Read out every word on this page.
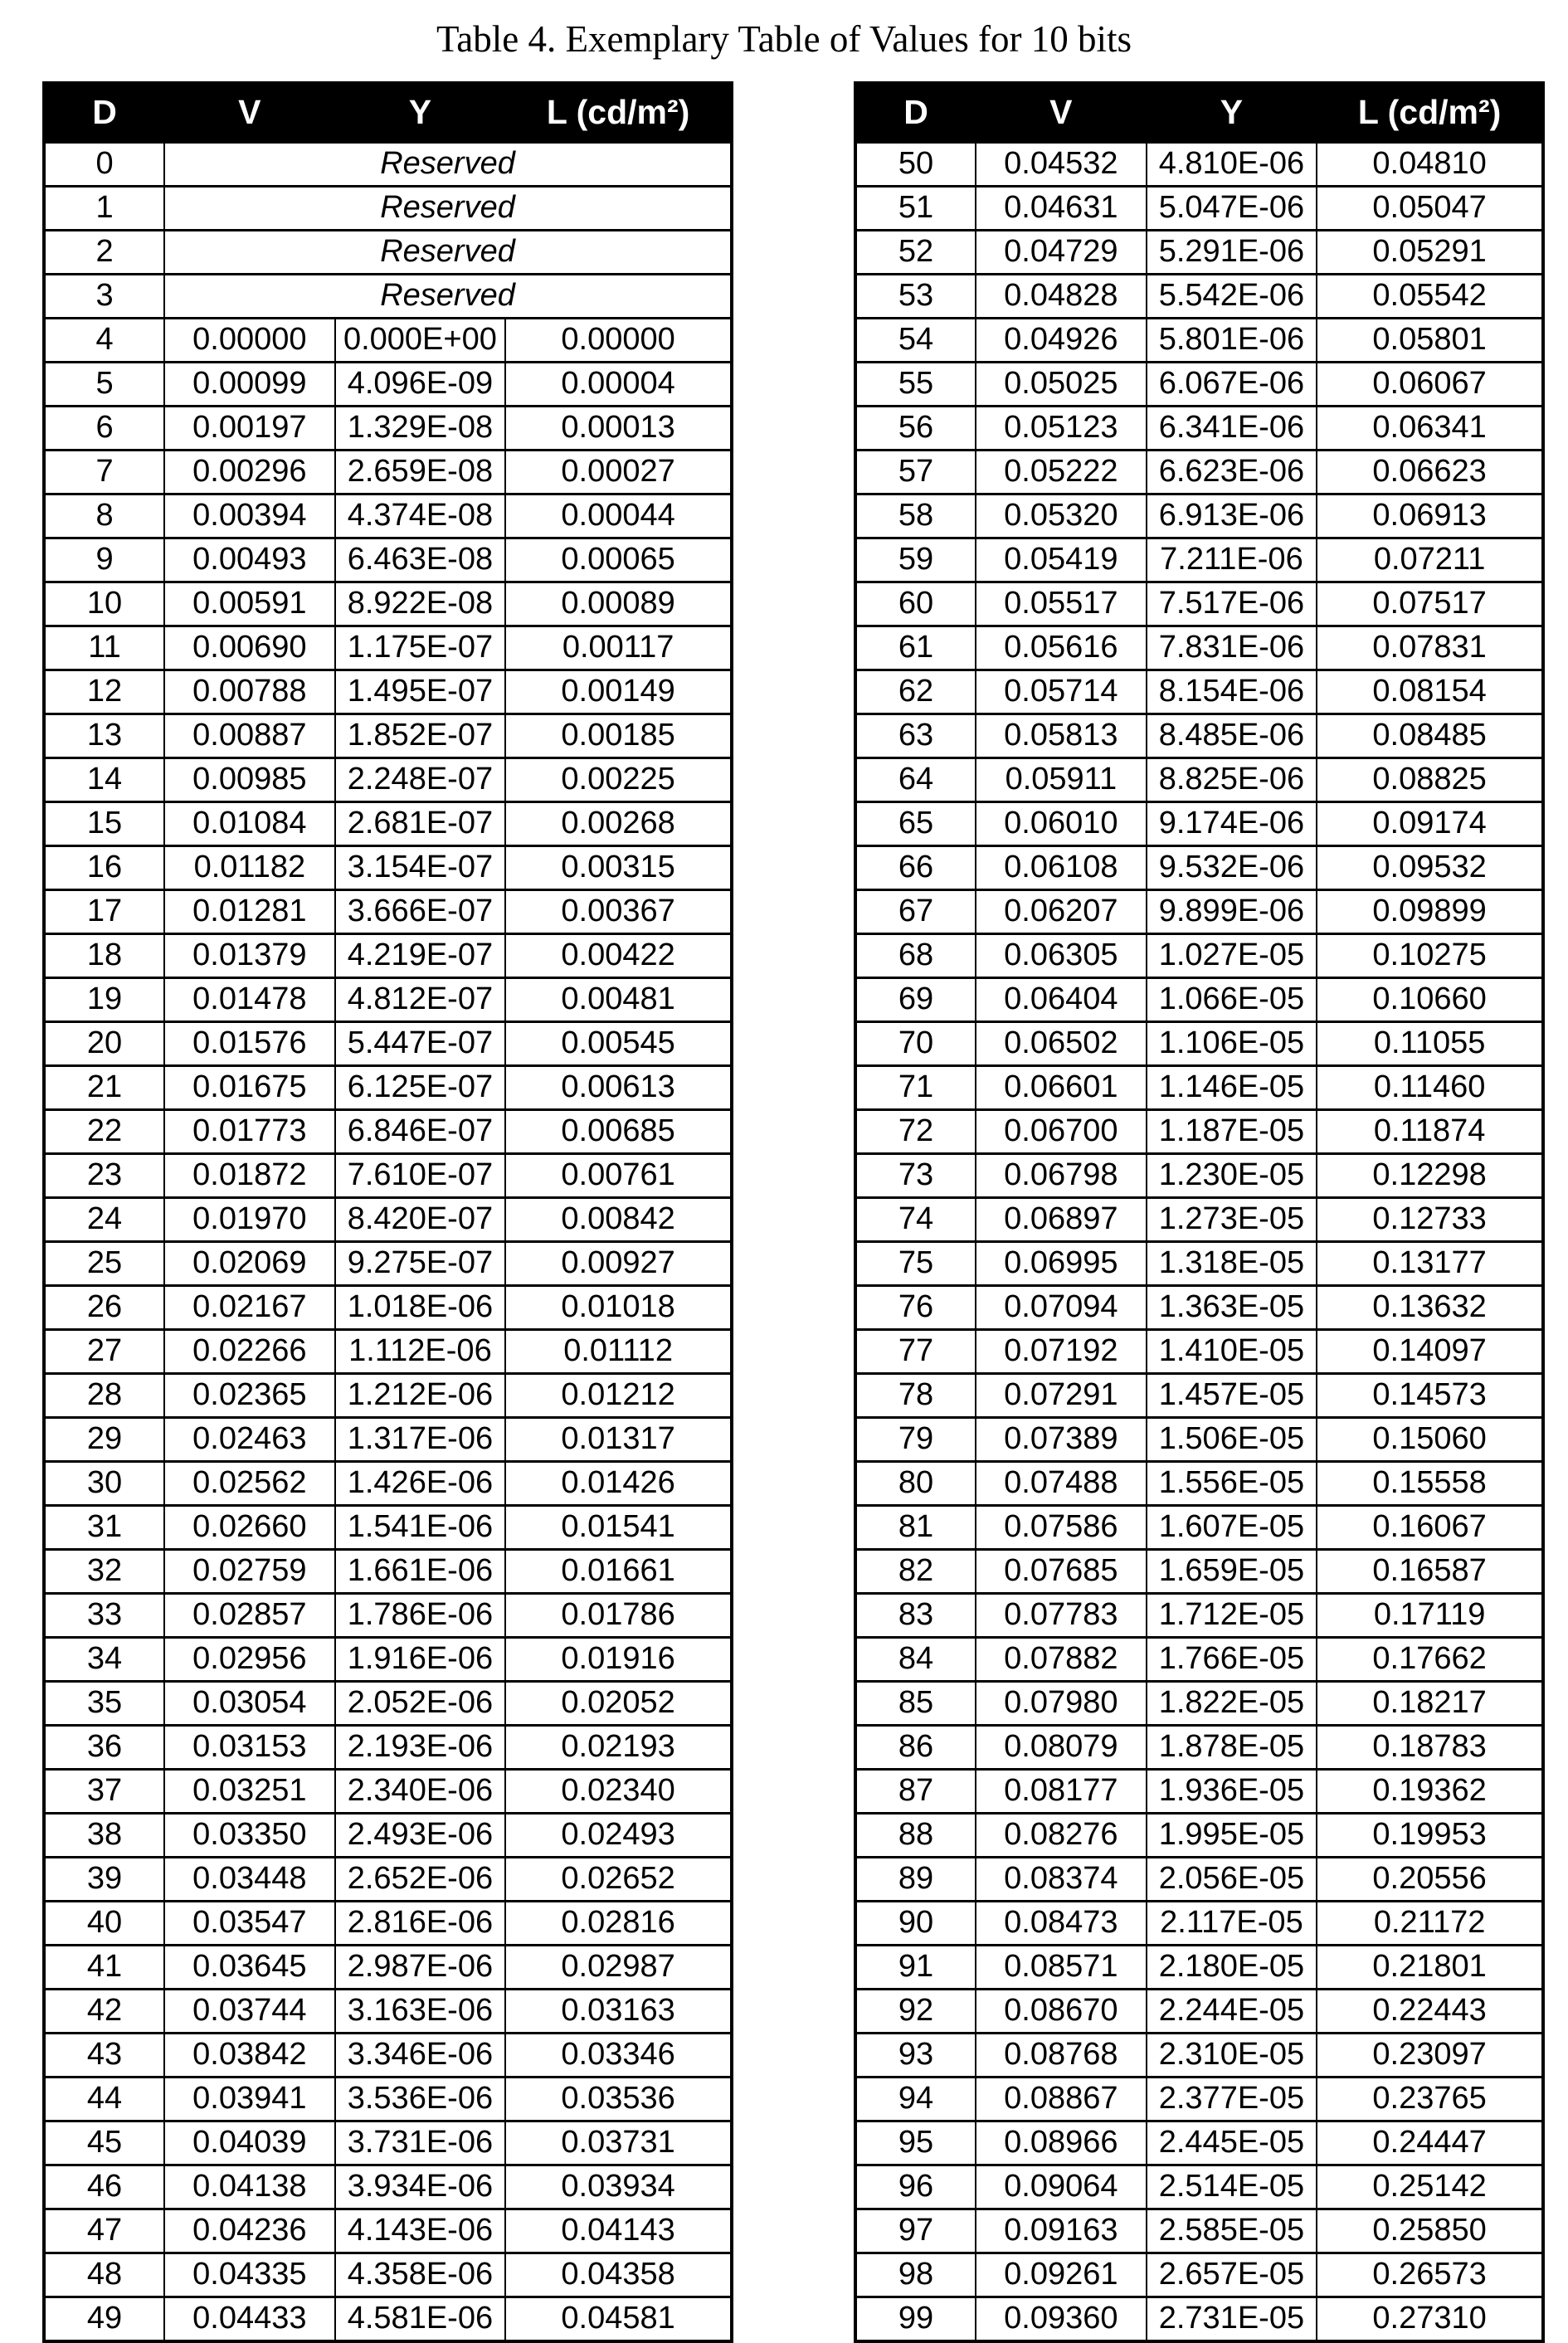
Table 4. Exemplary Table of Values for 10 bits
D	V	Y	L (cd/m²)
0	Reserved		
1	Reserved		
2	Reserved		
3	Reserved		
4	0.00000	0.000E+00	0.00000
5	0.00099	4.096E-09	0.00004
6	0.00197	1.329E-08	0.00013
7	0.00296	2.659E-08	0.00027
8	0.00394	4.374E-08	0.00044
9	0.00493	6.463E-08	0.00065
10	0.00591	8.922E-08	0.00089
11	0.00690	1.175E-07	0.00117
12	0.00788	1.495E-07	0.00149
13	0.00887	1.852E-07	0.00185
14	0.00985	2.248E-07	0.00225
15	0.01084	2.681E-07	0.00268
16	0.01182	3.154E-07	0.00315
17	0.01281	3.666E-07	0.00367
18	0.01379	4.219E-07	0.00422
19	0.01478	4.812E-07	0.00481
20	0.01576	5.447E-07	0.00545
21	0.01675	6.125E-07	0.00613
22	0.01773	6.846E-07	0.00685
23	0.01872	7.610E-07	0.00761
24	0.01970	8.420E-07	0.00842
25	0.02069	9.275E-07	0.00927
26	0.02167	1.018E-06	0.01018
27	0.02266	1.112E-06	0.01112
28	0.02365	1.212E-06	0.01212
29	0.02463	1.317E-06	0.01317
30	0.02562	1.426E-06	0.01426
31	0.02660	1.541E-06	0.01541
32	0.02759	1.661E-06	0.01661
33	0.02857	1.786E-06	0.01786
34	0.02956	1.916E-06	0.01916
35	0.03054	2.052E-06	0.02052
36	0.03153	2.193E-06	0.02193
37	0.03251	2.340E-06	0.02340
38	0.03350	2.493E-06	0.02493
39	0.03448	2.652E-06	0.02652
40	0.03547	2.816E-06	0.02816
41	0.03645	2.987E-06	0.02987
42	0.03744	3.163E-06	0.03163
43	0.03842	3.346E-06	0.03346
44	0.03941	3.536E-06	0.03536
45	0.04039	3.731E-06	0.03731
46	0.04138	3.934E-06	0.03934
47	0.04236	4.143E-06	0.04143
48	0.04335	4.358E-06	0.04358
49	0.04433	4.581E-06	0.04581
D	V	Y	L (cd/m²)
50	0.04532	4.810E-06	0.04810
51	0.04631	5.047E-06	0.05047
52	0.04729	5.291E-06	0.05291
53	0.04828	5.542E-06	0.05542
54	0.04926	5.801E-06	0.05801
55	0.05025	6.067E-06	0.06067
56	0.05123	6.341E-06	0.06341
57	0.05222	6.623E-06	0.06623
58	0.05320	6.913E-06	0.06913
59	0.05419	7.211E-06	0.07211
60	0.05517	7.517E-06	0.07517
61	0.05616	7.831E-06	0.07831
62	0.05714	8.154E-06	0.08154
63	0.05813	8.485E-06	0.08485
64	0.05911	8.825E-06	0.08825
65	0.06010	9.174E-06	0.09174
66	0.06108	9.532E-06	0.09532
67	0.06207	9.899E-06	0.09899
68	0.06305	1.027E-05	0.10275
69	0.06404	1.066E-05	0.10660
70	0.06502	1.106E-05	0.11055
71	0.06601	1.146E-05	0.11460
72	0.06700	1.187E-05	0.11874
73	0.06798	1.230E-05	0.12298
74	0.06897	1.273E-05	0.12733
75	0.06995	1.318E-05	0.13177
76	0.07094	1.363E-05	0.13632
77	0.07192	1.410E-05	0.14097
78	0.07291	1.457E-05	0.14573
79	0.07389	1.506E-05	0.15060
80	0.07488	1.556E-05	0.15558
81	0.07586	1.607E-05	0.16067
82	0.07685	1.659E-05	0.16587
83	0.07783	1.712E-05	0.17119
84	0.07882	1.766E-05	0.17662
85	0.07980	1.822E-05	0.18217
86	0.08079	1.878E-05	0.18783
87	0.08177	1.936E-05	0.19362
88	0.08276	1.995E-05	0.19953
89	0.08374	2.056E-05	0.20556
90	0.08473	2.117E-05	0.21172
91	0.08571	2.180E-05	0.21801
92	0.08670	2.244E-05	0.22443
93	0.08768	2.310E-05	0.23097
94	0.08867	2.377E-05	0.23765
95	0.08966	2.445E-05	0.24447
96	0.09064	2.514E-05	0.25142
97	0.09163	2.585E-05	0.25850
98	0.09261	2.657E-05	0.26573
99	0.09360	2.731E-05	0.27310
